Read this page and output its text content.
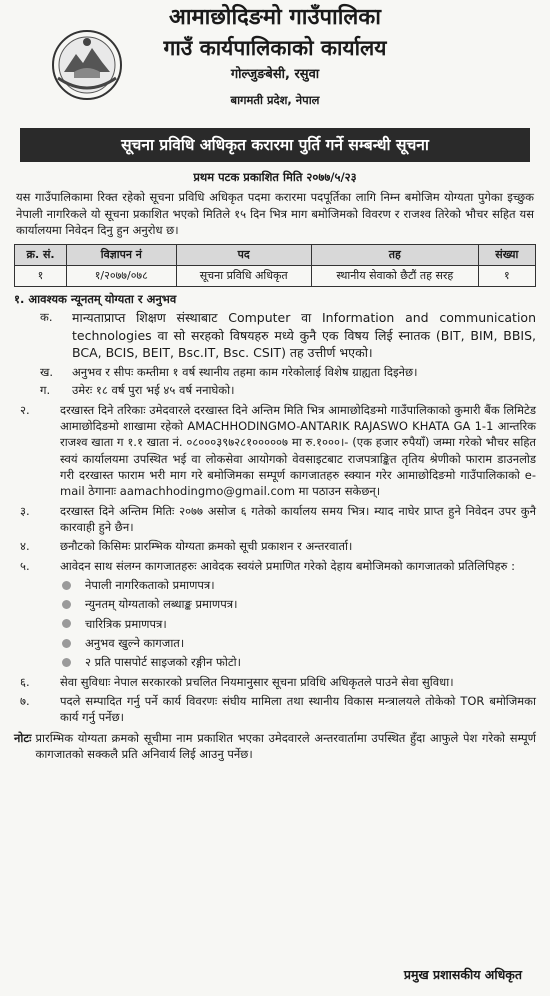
आमाछोदिङमो गाउँपालिका
गाउँ कार्यपालिकाको कार्यालय
गोल्जुङबेसी, रसुवा
बागमती प्रदेश, नेपाल
सूचना प्रविधि अधिकृत करारमा पुर्ति गर्ने सम्बन्धी सूचना
प्रथम पटक प्रकाशित मिति २०७७/५/२३
यस गाउँपालिकामा रिक्त रहेको सूचना प्रविधि अधिकृत पदमा करारमा पदपूर्तिका लागि निम्न बमोजिम योग्यता पुगेका इच्छुक नेपाली नागरिकले यो सूचना प्रकाशित भएको मितिले १५ दिन भित्र माग बमोजिमको विवरण र राजश्व तिरेको भौचर सहित यस कार्यालयमा निवेदन दिनु हुन अनुरोध छ।
क्र. सं.	विज्ञापन नं	पद	तह	संख्या
१	१/२०७७/०७८	सूचना प्रविधि अधिकृत	स्थानीय सेवाको छैटौं तह सरह	१
१. आवश्यक न्यूनतम् योग्यता र अनुभव
क.	मान्यताप्राप्त शिक्षण संस्थाबाट Computer वा Information and communication technologies वा सो सरहको विषयहरु मध्ये कुनै एक विषय लिई स्नातक (BIT, BIM, BBIS, BCA, BCIS, BEIT, Bsc.IT, Bsc. CSIT) तह उत्तीर्ण भएको।
ख.	अनुभव र सीपः कम्तीमा १ वर्ष स्थानीय तहमा काम गरेकोलाई विशेष ग्राह्यता दिइनेछ।
ग.	उमेरः १८ वर्ष पुरा भई ४५ वर्ष ननाघेको।
२.	दरखास्त दिने तरिकाः उमेदवारले दरखास्त दिने अन्तिम मिति भित्र आमाछोदिङमो गाउँपालिकाको कुमारी बैंक लिमिटेड आमाछोदिङमो शाखामा रहेको AMACHHODINGMO-ANTARIK RAJASWO KHATA GA 1-1 आन्तरिक राजश्व खाता ग १.१ खाता नं. ०८०००३९७२८१०००००७ मा रु.१०००।- (एक हजार रुपैयाँ) जम्मा गरेको भौचर सहित स्वयं कार्यालयमा उपस्थित भई वा लोकसेवा आयोगको वेवसाइटबाट राजपत्राङ्कित तृतिय श्रेणीको फाराम डाउनलोड गरी दरखास्त फाराम भरी माग गरे बमोजिमका सम्पूर्ण कागजातहरु स्क्यान गरेर आमाछोदिङमो गाउँपालिकाको e-mail ठेगानाः aamachhodingmo@gmail.com मा पठाउन सकेछन्।
३.	दरखास्त दिने अन्तिम मितिः २०७७ असोज ६ गतेको कार्यालय समय भित्र। म्याद नाघेर प्राप्त हुने निवेदन उपर कुनै कारवाही हुने छैन।
४.	छनौटको किसिमः प्रारम्भिक योग्यता क्रमको सूची प्रकाशन र अन्तरवार्ता।
५.	आवेदन साथ संलग्न कागजातहरुः आवेदक स्वयंले प्रमाणित गरेको देहाय बमोजिमको कागजातको प्रतिलिपिहरु :
नेपाली नागरिकताको प्रमाणपत्र।
न्युनतम् योग्यताको लब्धाङ्क प्रमाणपत्र।
चारित्रिक प्रमाणपत्र।
अनुभव खुल्ने कागजात।
२ प्रति पासपोर्ट साइजको रङ्गीन फोटो।
६.	सेवा सुविधाः नेपाल सरकारको प्रचलित नियमानुसार सूचना प्रविधि अधिकृतले पाउने सेवा सुविधा।
७.	पदले सम्पादित गर्नु पर्ने कार्य विवरणः संघीय मामिला तथा स्थानीय विकास मन्त्रालयले तोकेको TOR बमोजिमका कार्य गर्नु पर्नेछ।
नोटः प्रारम्भिक योग्यता क्रमको सूचीमा नाम प्रकाशित भएका उमेदवारले अन्तरवार्तामा उपस्थित हुँदा आफुले पेश गरेको सम्पूर्ण कागजातको सक्कलै प्रति अनिवार्य लिई आउनु पर्नेछ।
प्रमुख प्रशासकीय अधिकृत
